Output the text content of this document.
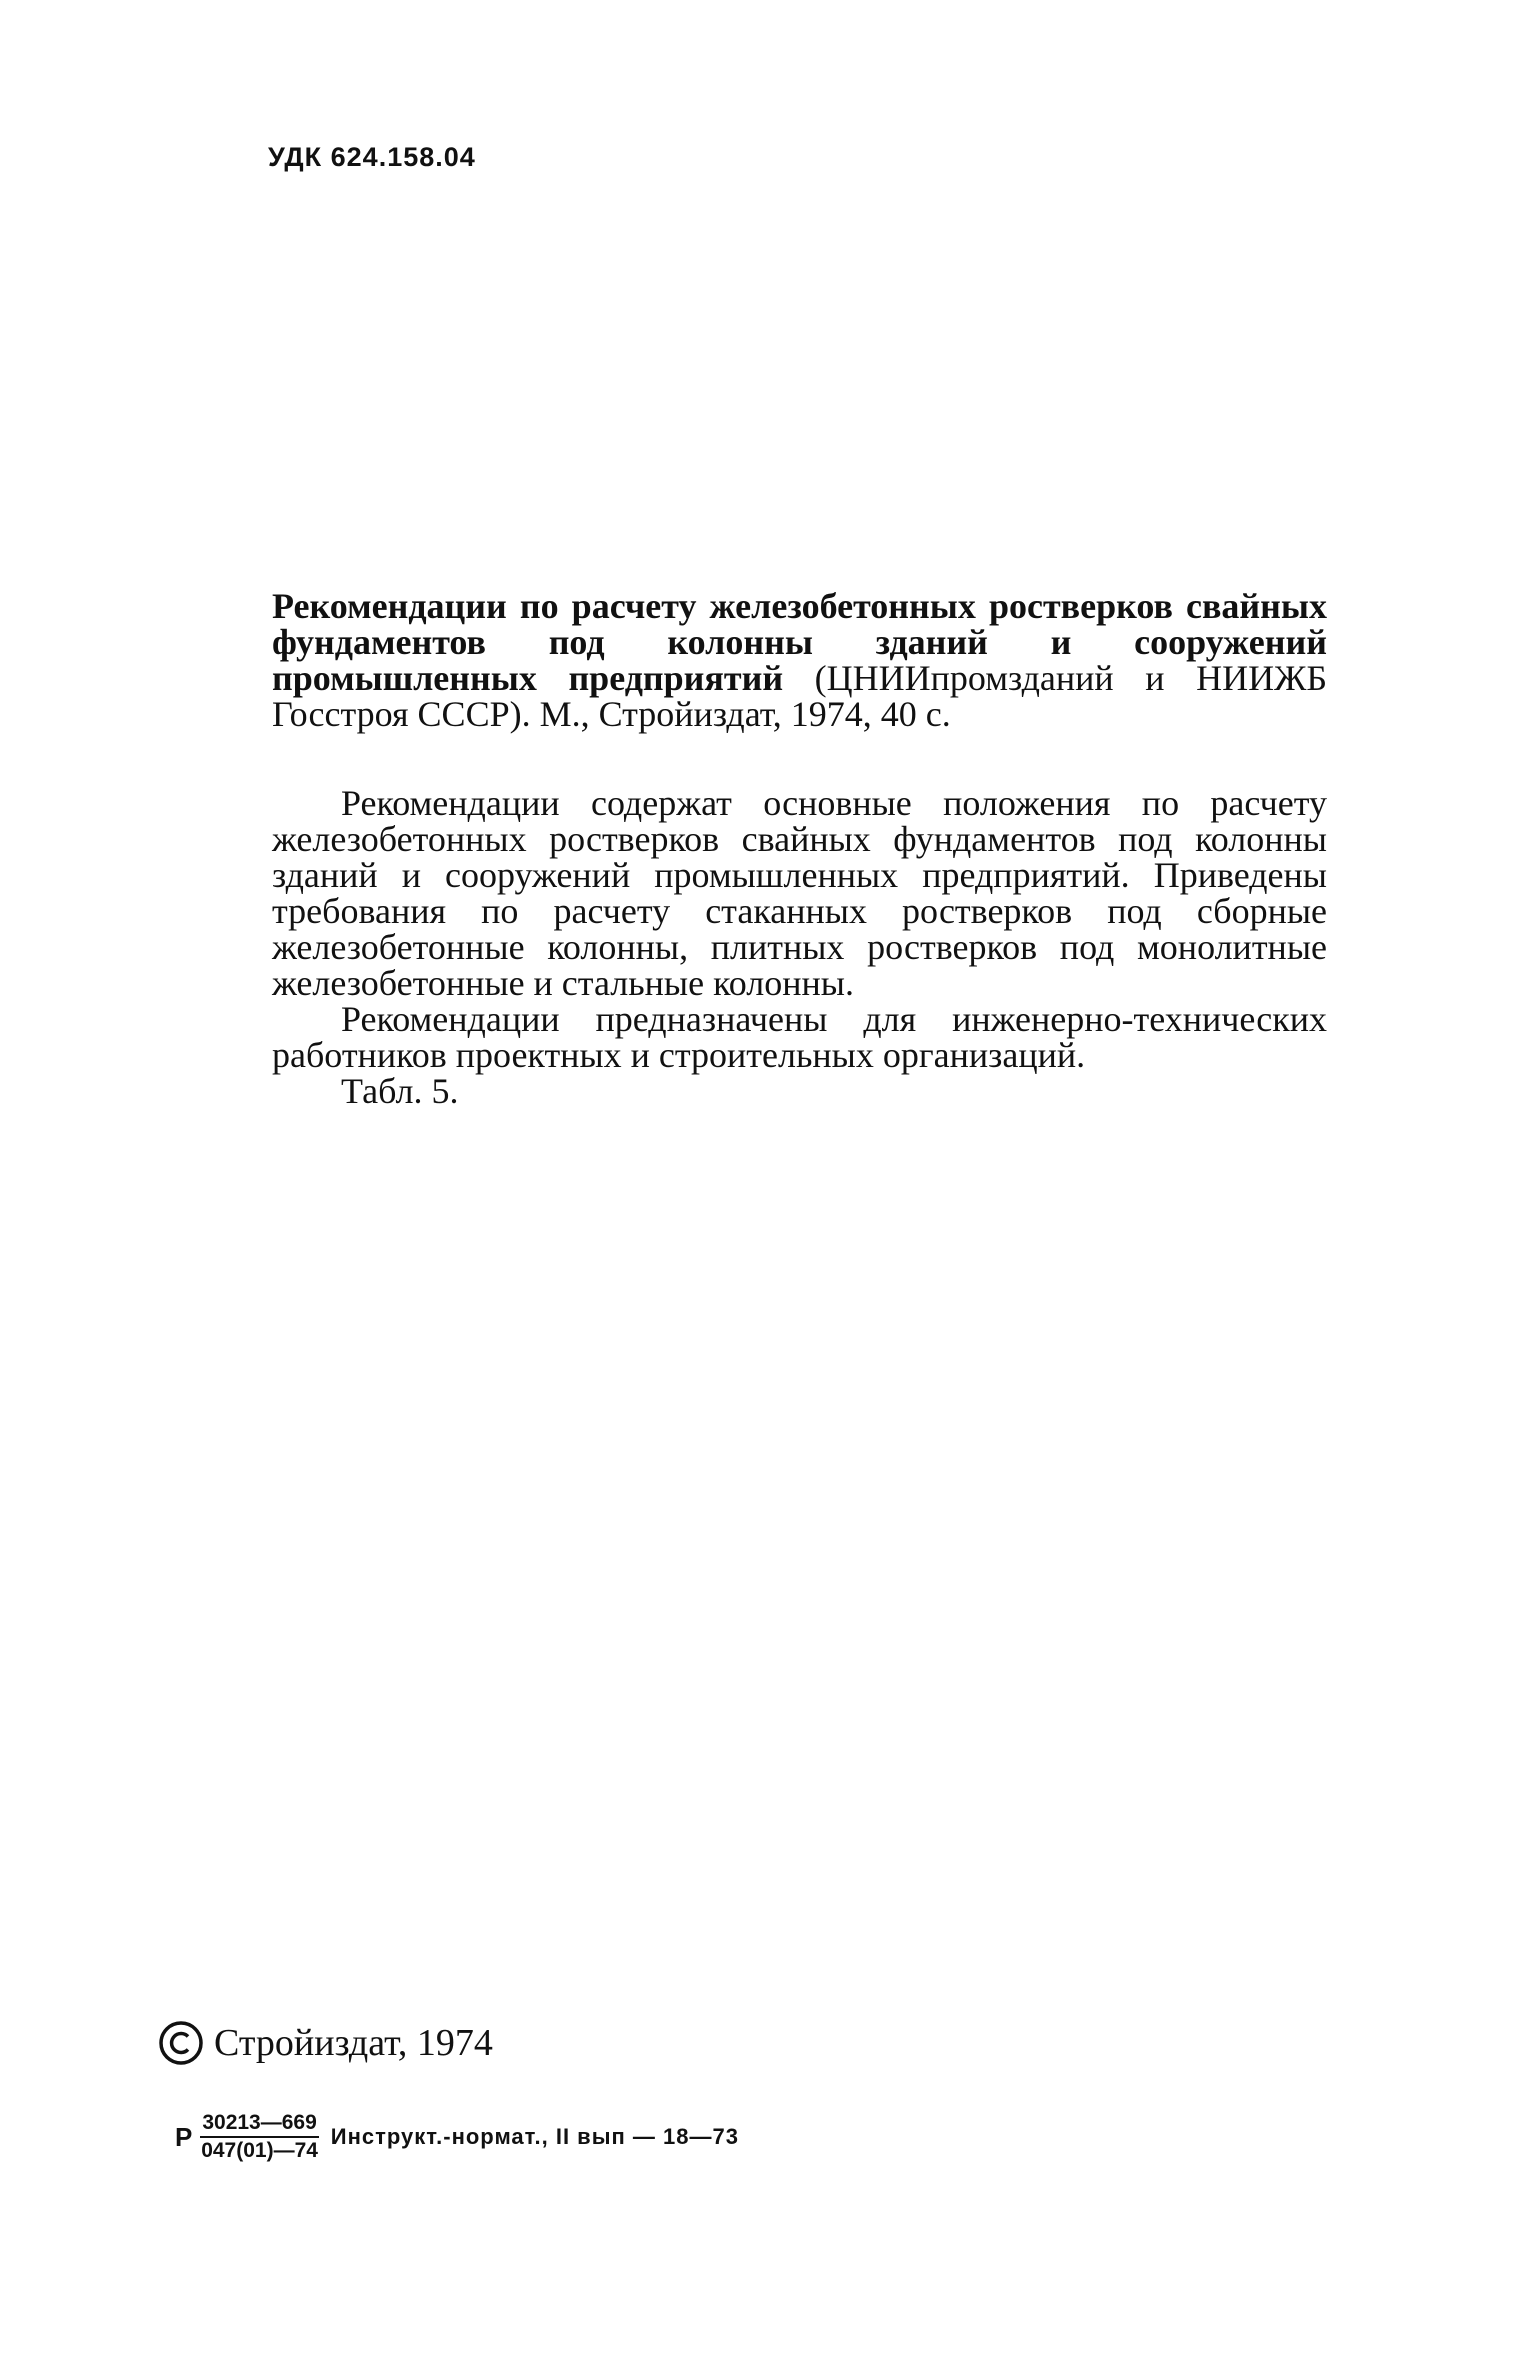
УДК 624.158.04
Рекомендации по расчету железобетонных ростверков свайных фундаментов под колонны зданий и сооружений промышленных предприятий (ЦНИИпромзданий и НИИЖБ Госстроя СССР). М., Стройиздат, 1974, 40 с.

Рекомендации содержат основные положения по расчету железобетонных ростверков свайных фундаментов под колонны зданий и сооружений промышленных предприятий. Приведены требования по расчету стаканных ростверков под сборные железобетонные колонны, плитных ростверков под монолитные железобетонные и стальные колонны.

Рекомендации предназначены для инженерно-технических работников проектных и строительных организаций.

Табл. 5.

Стройиздат, 1974
Р $\frac{30213—669}{047(01)—74}$ Инструкт.-нормат., II вып — 18—73
